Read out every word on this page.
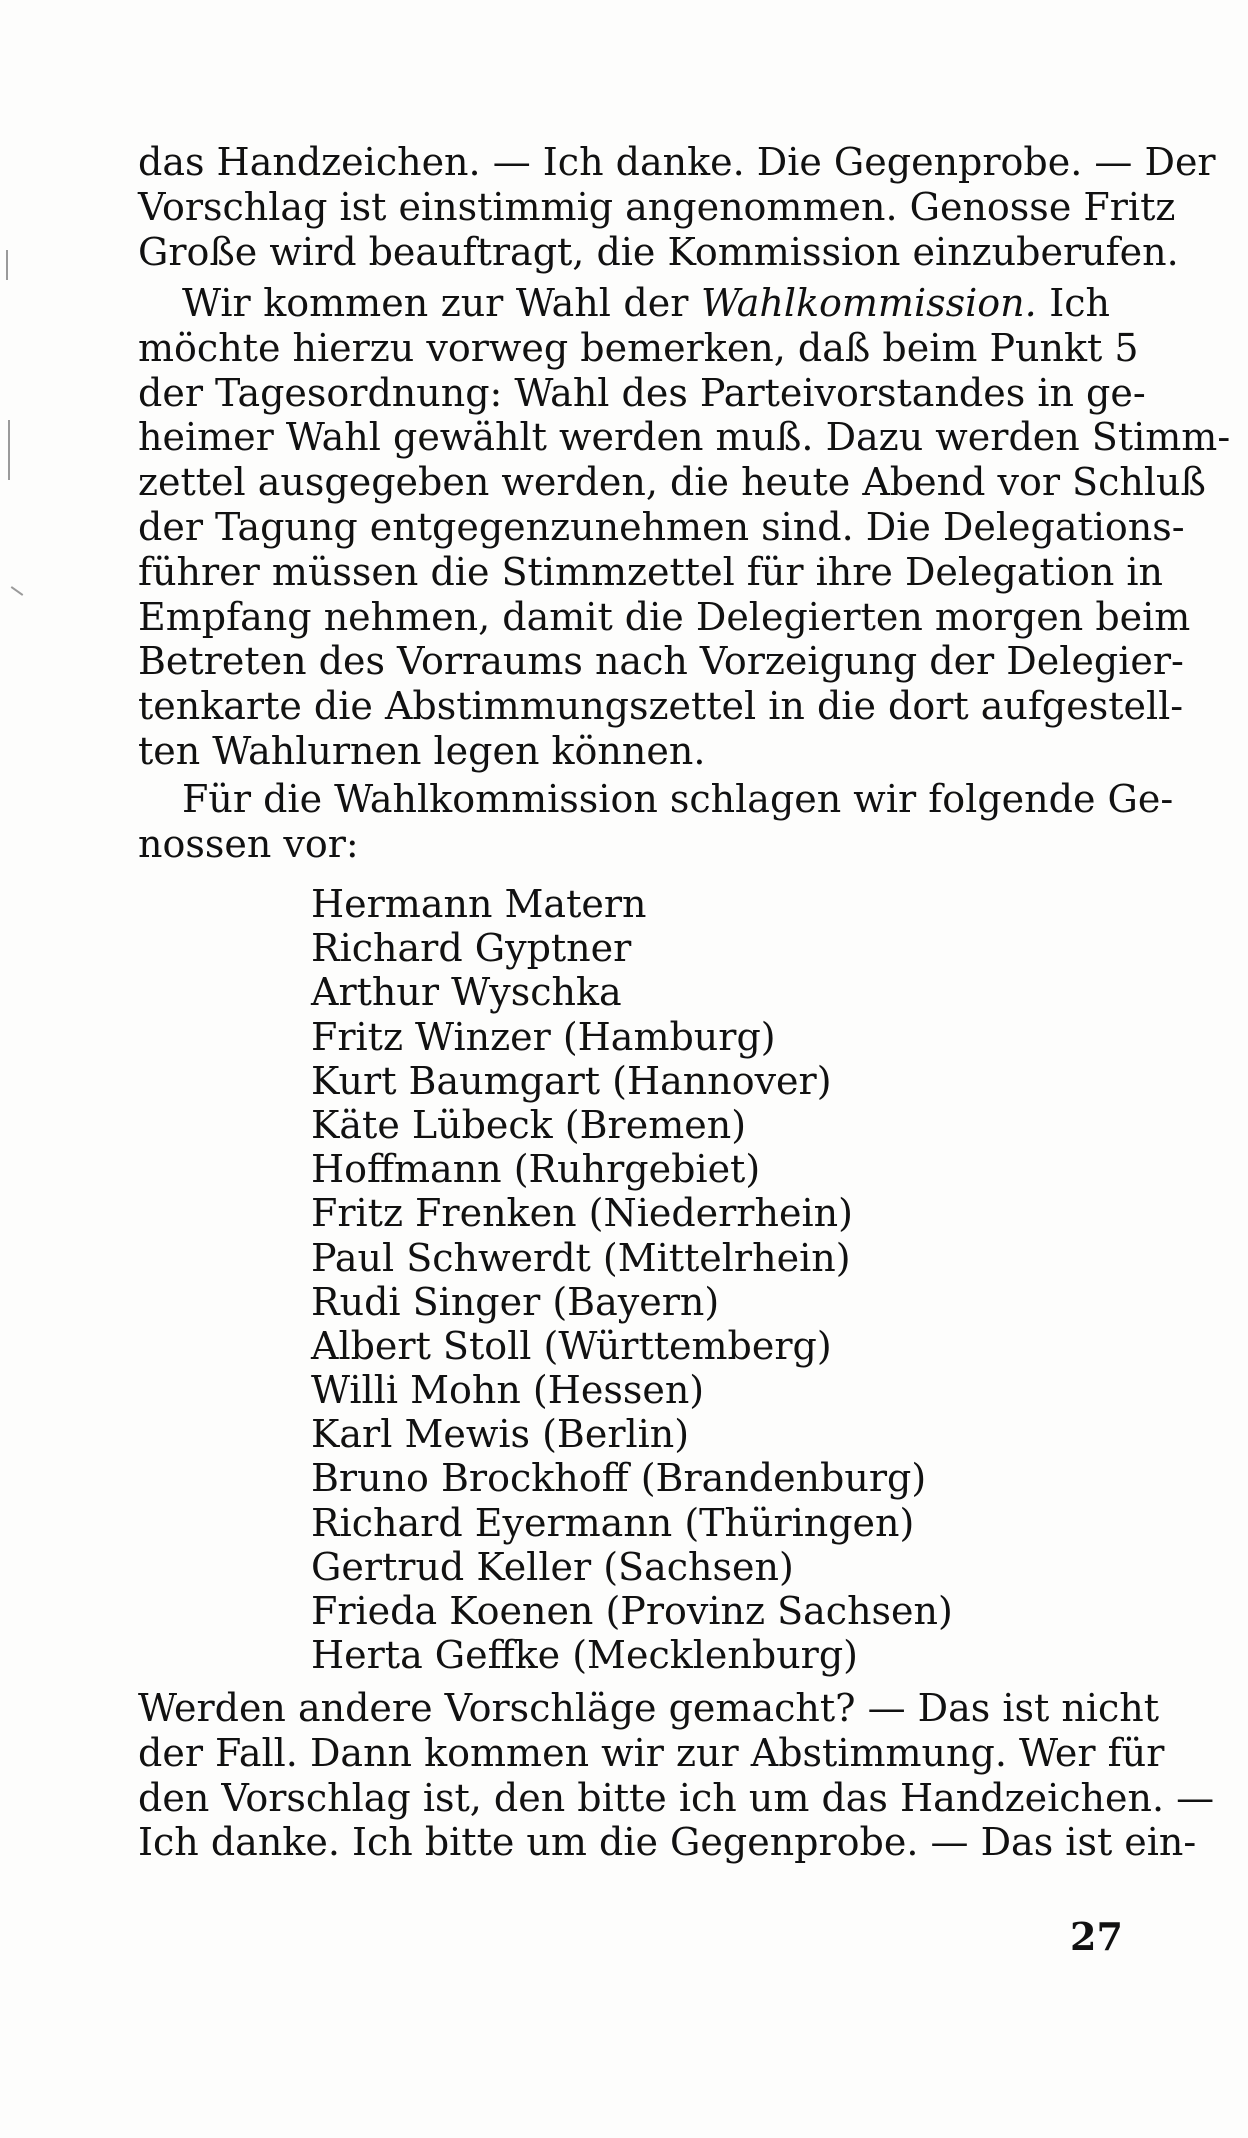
das Handzeichen. — Ich danke. Die Gegenprobe. — Der
Vorschlag ist einstimmig angenommen. Genosse Fritz
Große wird beauftragt, die Kommission einzuberufen.
Wir kommen zur Wahl der Wahlkommission. Ich
möchte hierzu vorweg bemerken, daß beim Punkt 5
der Tagesordnung: Wahl des Parteivorstandes in ge-
heimer Wahl gewählt werden muß. Dazu werden Stimm-
zettel ausgegeben werden, die heute Abend vor Schluß
der Tagung entgegenzunehmen sind. Die Delegations-
führer müssen die Stimmzettel für ihre Delegation in
Empfang nehmen, damit die Delegierten morgen beim
Betreten des Vorraums nach Vorzeigung der Delegier-
tenkarte die Abstimmungszettel in die dort aufgestell-
ten Wahlurnen legen können.
Für die Wahlkommission schlagen wir folgende Ge-
nossen vor:
Hermann Matern
Richard Gyptner
Arthur Wyschka
Fritz Winzer (Hamburg)
Kurt Baumgart (Hannover)
Käte Lübeck (Bremen)
Hoffmann (Ruhrgebiet)
Fritz Frenken (Niederrhein)
Paul Schwerdt (Mittelrhein)
Rudi Singer (Bayern)
Albert Stoll (Württemberg)
Willi Mohn (Hessen)
Karl Mewis (Berlin)
Bruno Brockhoff (Brandenburg)
Richard Eyermann (Thüringen)
Gertrud Keller (Sachsen)
Frieda Koenen (Provinz Sachsen)
Herta Geffke (Mecklenburg)
Werden andere Vorschläge gemacht? — Das ist nicht
der Fall. Dann kommen wir zur Abstimmung. Wer für
den Vorschlag ist, den bitte ich um das Handzeichen. —
Ich danke. Ich bitte um die Gegenprobe. — Das ist ein-
27
